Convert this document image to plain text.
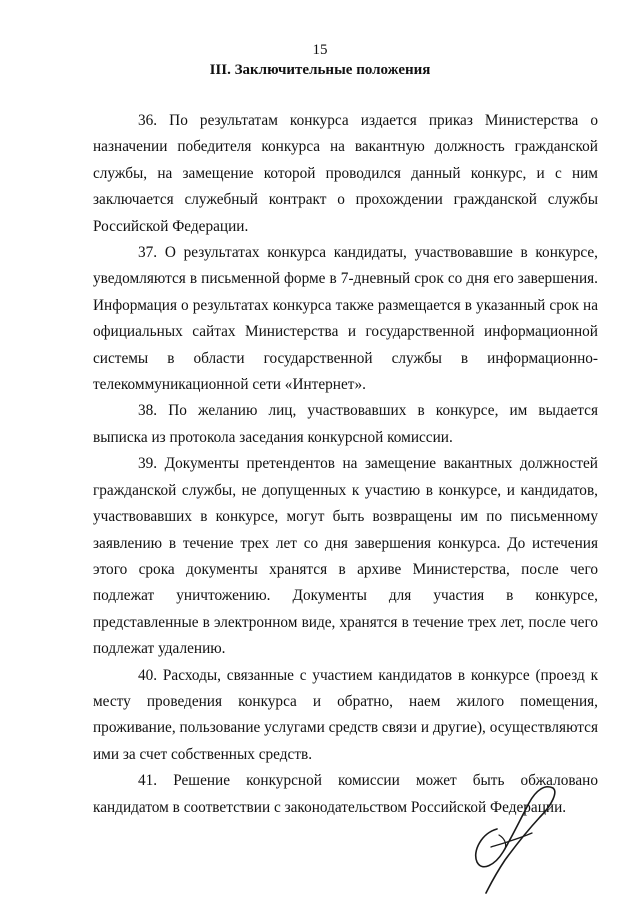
15
III. Заключительные положения

36. По результатам конкурса издается приказ Министерства о назначении победителя конкурса на вакантную должность гражданской службы, на замещение которой проводился данный конкурс, и с ним заключается служебный контракт о прохождении гражданской службы Российской Федерации.

37. О результатах конкурса кандидаты, участвовавшие в конкурсе, уведомляются в письменной форме в 7-дневный срок со дня его завершения. Информация о результатах конкурса также размещается в указанный срок на официальных сайтах Министерства и государственной информационной системы в области государственной службы в информационно-телекоммуникационной сети «Интернет».

38. По желанию лиц, участвовавших в конкурсе, им выдается выписка из протокола заседания конкурсной комиссии.

39. Документы претендентов на замещение вакантных должностей гражданской службы, не допущенных к участию в конкурсе, и кандидатов, участвовавших в конкурсе, могут быть возвращены им по письменному заявлению в течение трех лет со дня завершения конкурса. До истечения этого срока документы хранятся в архиве Министерства, после чего подлежат уничтожению. Документы для участия в конкурсе, представленные в электронном виде, хранятся в течение трех лет, после чего подлежат удалению.

40. Расходы, связанные с участием кандидатов в конкурсе (проезд к месту проведения конкурса и обратно, наем жилого помещения, проживание, пользование услугами средств связи и другие), осуществляются ими за счет собственных средств.

41. Решение конкурсной комиссии может быть обжаловано кандидатом в соответствии с законодательством Российской Федерации.
